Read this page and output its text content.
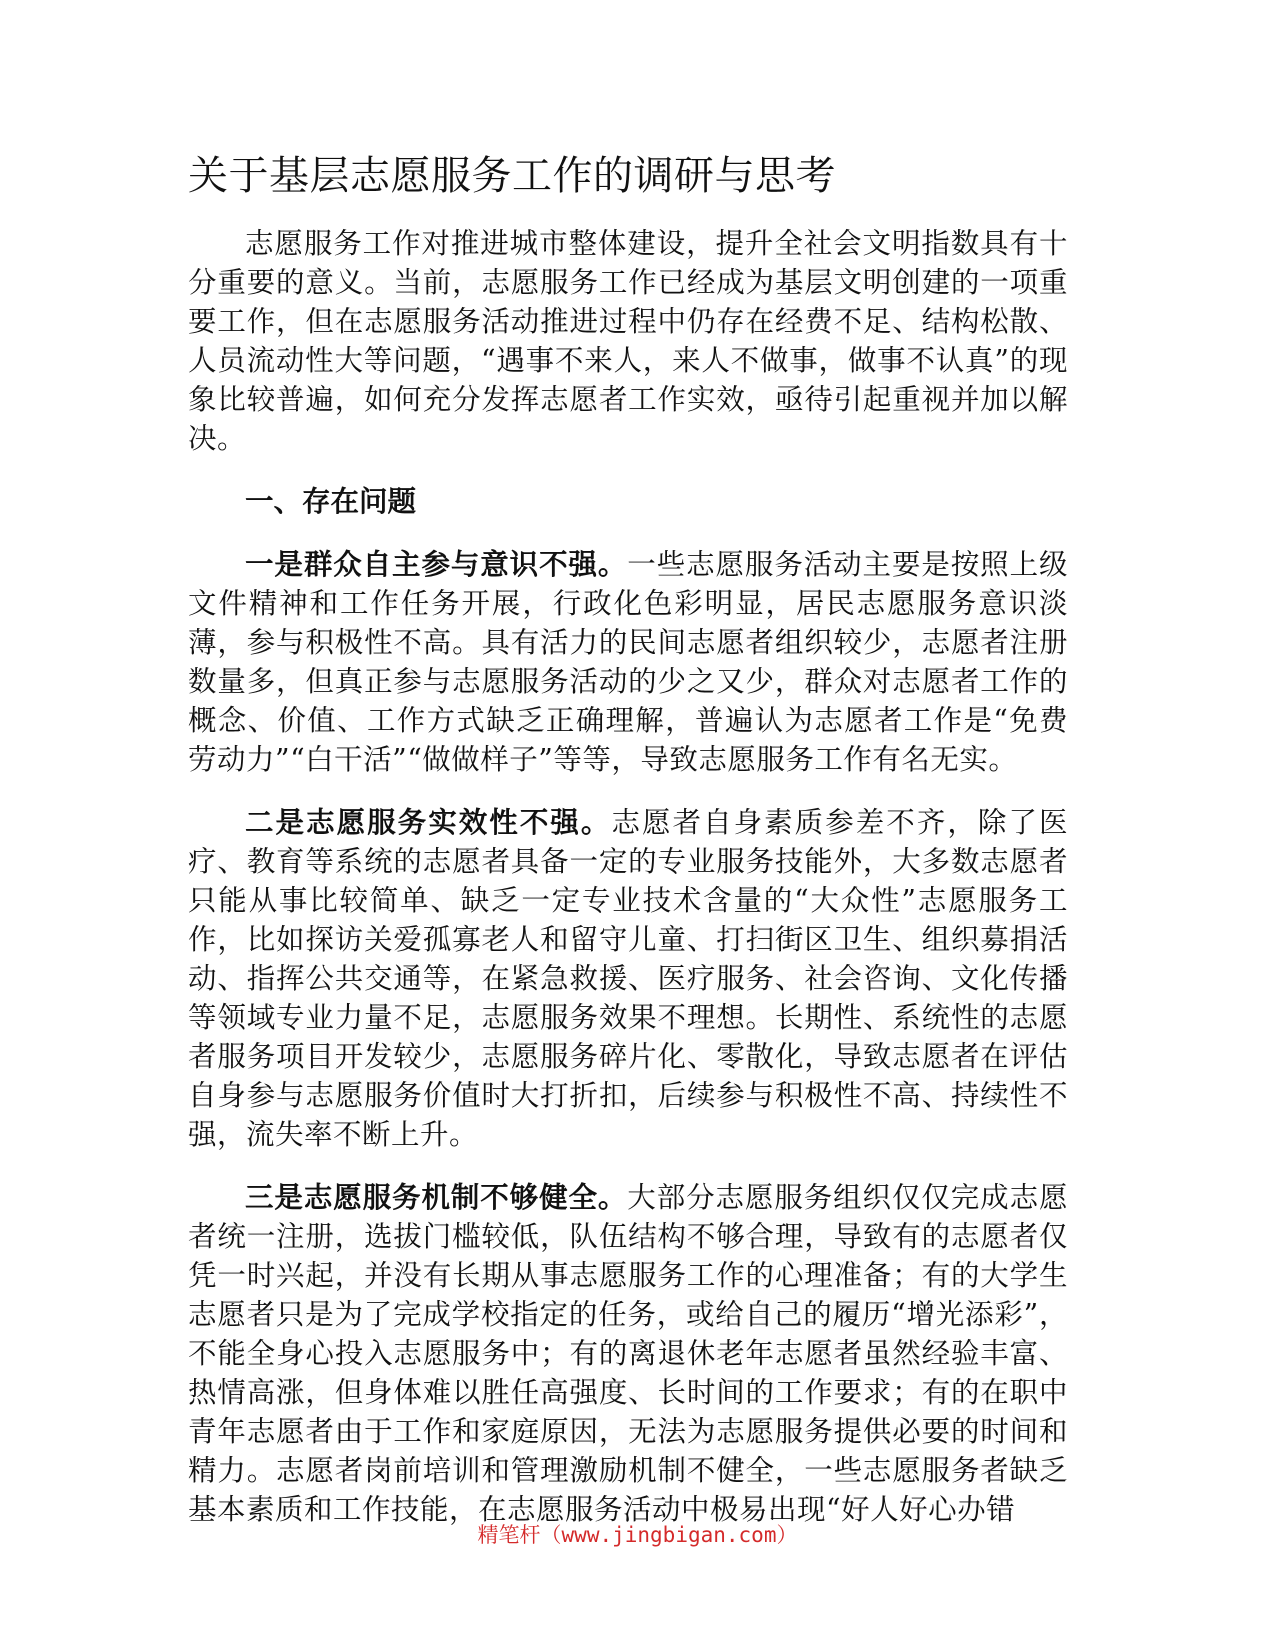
关于基层志愿服务工作的调研与思考

志愿服务工作对推进城市整体建设，提升全社会文明指数具有十分重要的意义。当前，志愿服务工作已经成为基层文明创建的一项重要工作，但在志愿服务活动推进过程中仍存在经费不足、结构松散、人员流动性大等问题，“遇事不来人，来人不做事，做事不认真”的现象比较普遍，如何充分发挥志愿者工作实效，亟待引起重视并加以解决。

一、存在问题

一是群众自主参与意识不强。一些志愿服务活动主要是按照上级文件精神和工作任务开展，行政化色彩明显，居民志愿服务意识淡薄，参与积极性不高。具有活力的民间志愿者组织较少，志愿者注册数量多，但真正参与志愿服务活动的少之又少，群众对志愿者工作的概念、价值、工作方式缺乏正确理解，普遍认为志愿者工作是“免费劳动力”“白干活”“做做样子”等等，导致志愿服务工作有名无实。

二是志愿服务实效性不强。志愿者自身素质参差不齐，除了医疗、教育等系统的志愿者具备一定的专业服务技能外，大多数志愿者只能从事比较简单、缺乏一定专业技术含量的“大众性”志愿服务工作，比如探访关爱孤寡老人和留守儿童、打扫街区卫生、组织募捐活动、指挥公共交通等，在紧急救援、医疗服务、社会咨询、文化传播等领域专业力量不足，志愿服务效果不理想。长期性、系统性的志愿者服务项目开发较少，志愿服务碎片化、零散化，导致志愿者在评估自身参与志愿服务价值时大打折扣，后续参与积极性不高、持续性不强，流失率不断上升。

三是志愿服务机制不够健全。大部分志愿服务组织仅仅完成志愿者统一注册，选拔门槛较低，队伍结构不够合理，导致有的志愿者仅凭一时兴起，并没有长期从事志愿服务工作的心理准备；有的大学生志愿者只是为了完成学校指定的任务，或给自己的履历“增光添彩”，不能全身心投入志愿服务中；有的离退休老年志愿者虽然经验丰富、热情高涨，但身体难以胜任高强度、长时间的工作要求；有的在职中青年志愿者由于工作和家庭原因，无法为志愿服务提供必要的时间和精力。志愿者岗前培训和管理激励机制不健全，一些志愿服务者缺乏基本素质和工作技能，在志愿服务活动中极易出现“好人好心办错

精笔杆（www.jingbigan.com）
